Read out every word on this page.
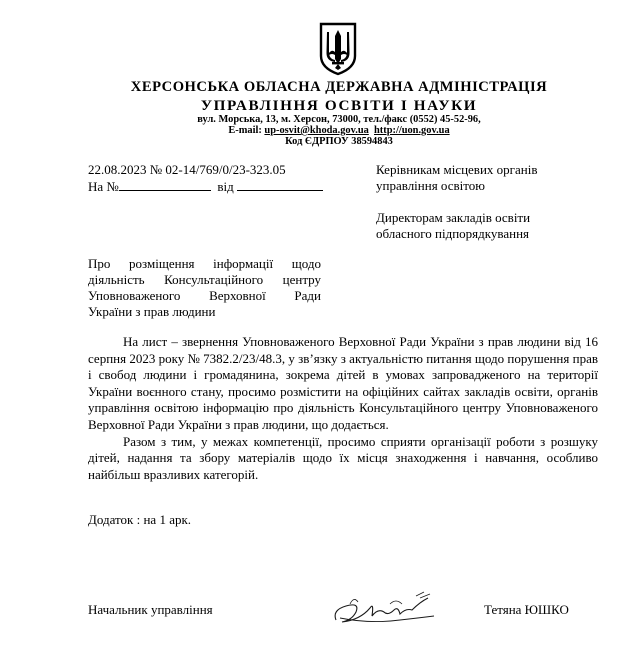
ХЕРСОНСЬКА ОБЛАСНА ДЕРЖАВНА АДМІНІСТРАЦІЯ
УПРАВЛІННЯ ОСВІТИ І НАУКИ
вул. Морська, 13, м. Херсон, 73000, тел./факс (0552) 45-52-96,
E-mail: up-osvit@khoda.gov.ua http://uon.gov.ua
Код ЄДРПОУ 38594843
22.08.2023 № 02-14/769/0/23-323.05
На №	від
Керівникам місцевих органів управління освітою
Директорам закладів освіти обласного підпорядкування
Про розміщення інформації щодо
діяльність Консультаційного центру
Уповноваженого Верховної Ради
України з прав людини

На лист – звернення Уповноваженого Верховної Ради України з прав людини від 16 серпня 2023 року № 7382.2/23/48.3, у зв’язку з актуальністю питання щодо порушення прав і свобод людини і громадянина, зокрема дітей в умовах запровадженого на території України воєнного стану, просимо розмістити на офіційних сайтах закладів освіти, органів управління освітою інформацію про діяльність Консультаційного центру Уповноваженого Верховної Ради України з прав людини, що додається.

Разом з тим, у межах компетенції, просимо сприяти організації роботи з розшуку дітей, надання та збору матеріалів щодо їх місця знаходження і навчання, особливо найбільш вразливих категорій.

Додаток : на 1 арк.
Начальник управління	Тетяна ЮШКО
